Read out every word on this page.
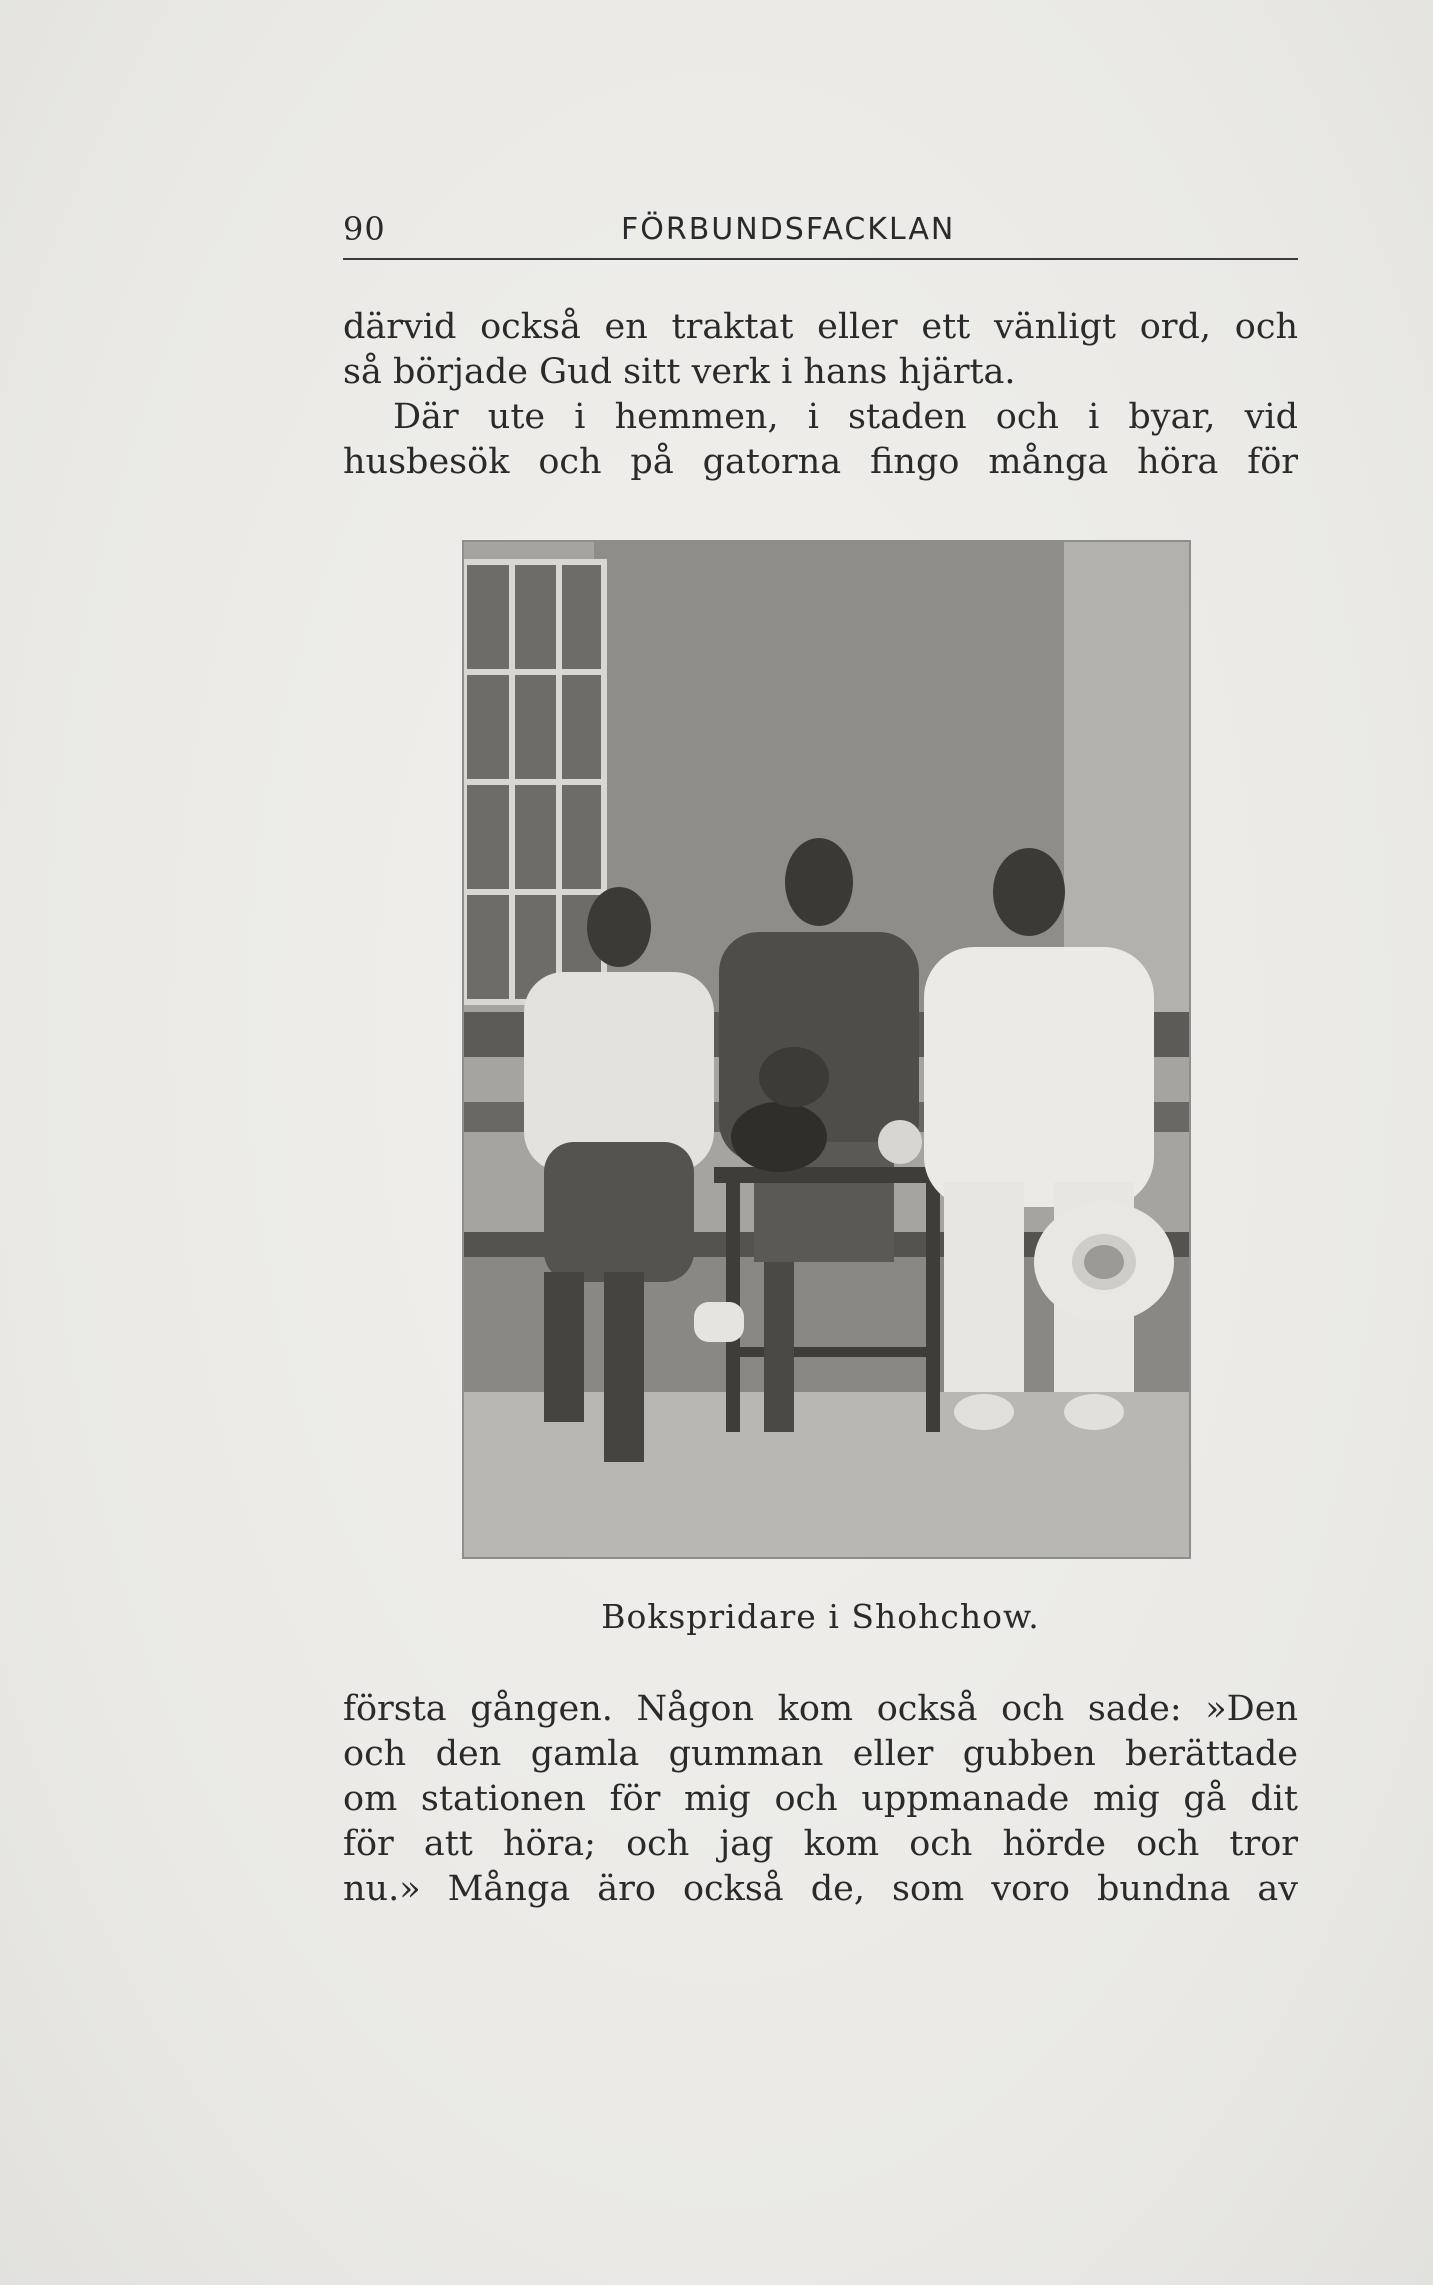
90	FÖRBUNDSFACKLAN
därvid också en traktat eller ett vänligt ord, och
så började Gud sitt verk i hans hjärta.
Där ute i hemmen, i staden och i byar, vid
husbesök och på gatorna fingo många höra för
Bokspridare i Shohchow.
första gången. Någon kom också och sade: »Den
och den gamla gumman eller gubben berättade
om stationen för mig och uppmanade mig gå dit
för att höra; och jag kom och hörde och tror
nu.» Många äro också de, som voro bundna av
